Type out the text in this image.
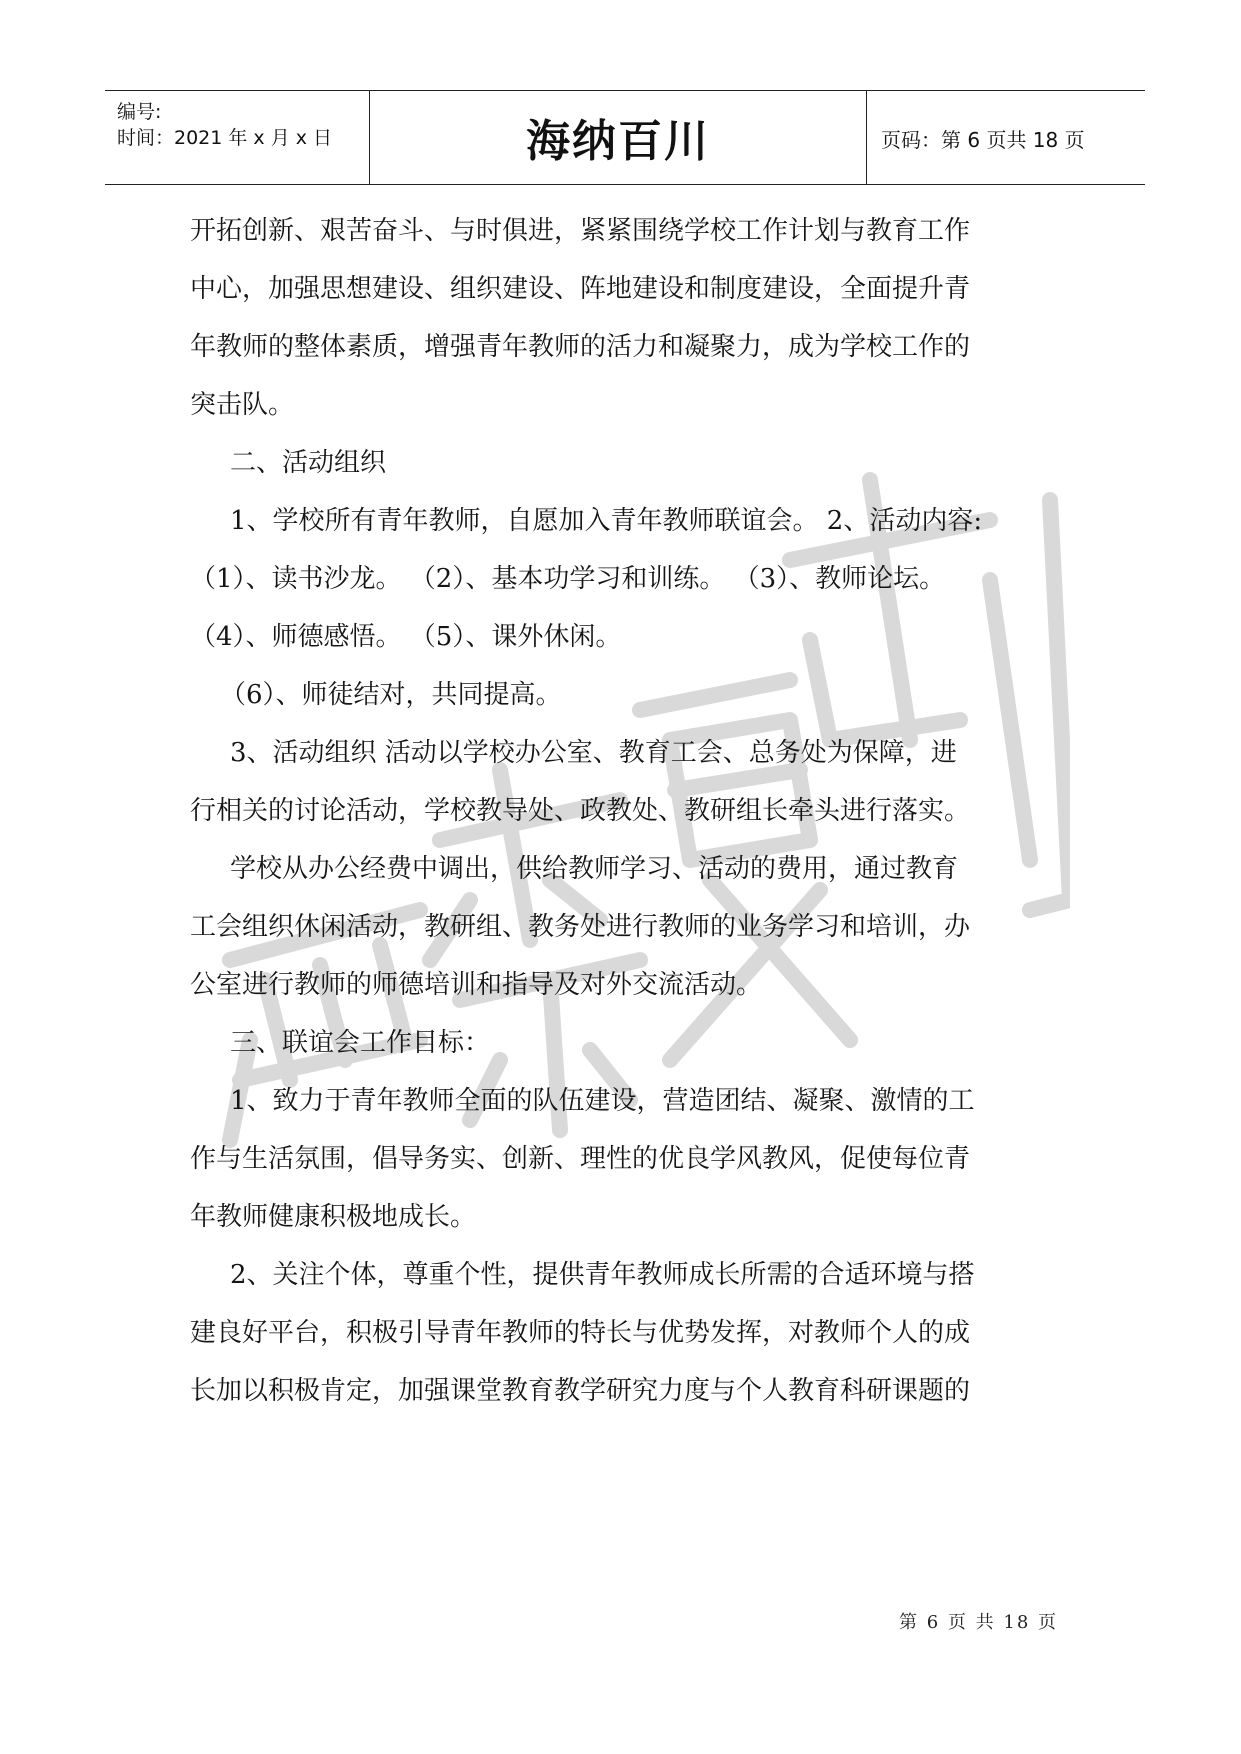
编号:
时间：2021 年 x 月 x 日	海纳百川	页码：第 6 页共 18 页
开拓创新、艰苦奋斗、与时俱进，紧紧围绕学校工作计划与教育工作
中心，加强思想建设、组织建设、阵地建设和制度建设，全面提升青
年教师的整体素质，增强青年教师的活力和凝聚力，成为学校工作的
突击队。
二、活动组织
1、学校所有青年教师，自愿加入青年教师联谊会。 2、活动内容:
（1）、读书沙龙。 （2）、基本功学习和训练。 （3）、教师论坛。
（4）、师德感悟。 （5）、课外休闲。
（6）、师徒结对，共同提高。
3、活动组织 活动以学校办公室、教育工会、总务处为保障，进
行相关的讨论活动，学校教导处、政教处、教研组长牵头进行落实。
学校从办公经费中调出，供给教师学习、活动的费用，通过教育
工会组织休闲活动，教研组、教务处进行教师的业务学习和培训，办
公室进行教师的师德培训和指导及对外交流活动。
三、联谊会工作目标：
1、致力于青年教师全面的队伍建设，营造团结、凝聚、激情的工
作与生活氛围，倡导务实、创新、理性的优良学风教风，促使每位青
年教师健康积极地成长。
2、关注个体，尊重个性，提供青年教师成长所需的合适环境与搭
建良好平台，积极引导青年教师的特长与优势发挥，对教师个人的成
长加以积极肯定，加强课堂教育教学研究力度与个人教育科研课题的
第 6 页 共 18 页
